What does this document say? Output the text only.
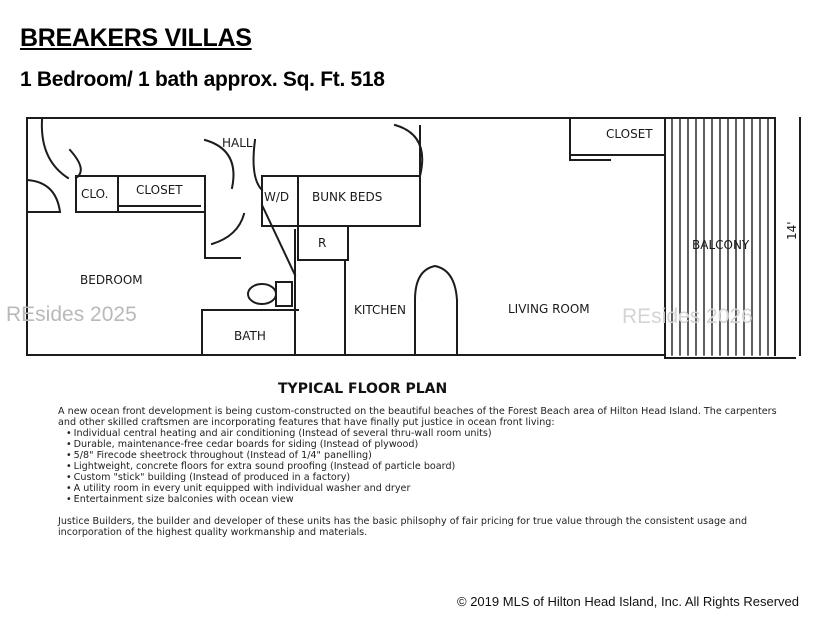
BREAKERS VILLAS
1 Bedroom/ 1 bath approx. Sq. Ft. 518
HALL
CLO. CLOSET	W/D BUNK BEDS
CLOSET
BALCONY
14'
R
BEDROOM
KITCHEN	LIVING ROOM
BATH
REsides 2025	REsides 2026
TYPICAL FLOOR PLAN

A new ocean front development is being custom-constructed on the beautiful beaches of the Forest Beach area of Hilton Head Island. The carpenters and other skilled craftsmen are incorporating features that have finally put justice in ocean front living:

• Individual central heating and air conditioning (Instead of several thru-wall room units)
• Durable, maintenance-free cedar boards for siding (Instead of plywood)
• 5/8" Firecode sheetrock throughout (Instead of 1/4" panelling)
• Lightweight, concrete floors for extra sound proofing (Instead of particle board)
• Custom "stick" building (Instead of produced in a factory)
• A utility room in every unit equipped with individual washer and dryer
• Entertainment size balconies with ocean view

Justice Builders, the builder and developer of these units has the basic philsophy of fair pricing for true value through the consistent usage and incorporation of the highest quality workmanship and materials.

© 2019 MLS of Hilton Head Island, Inc. All Rights Reserved
